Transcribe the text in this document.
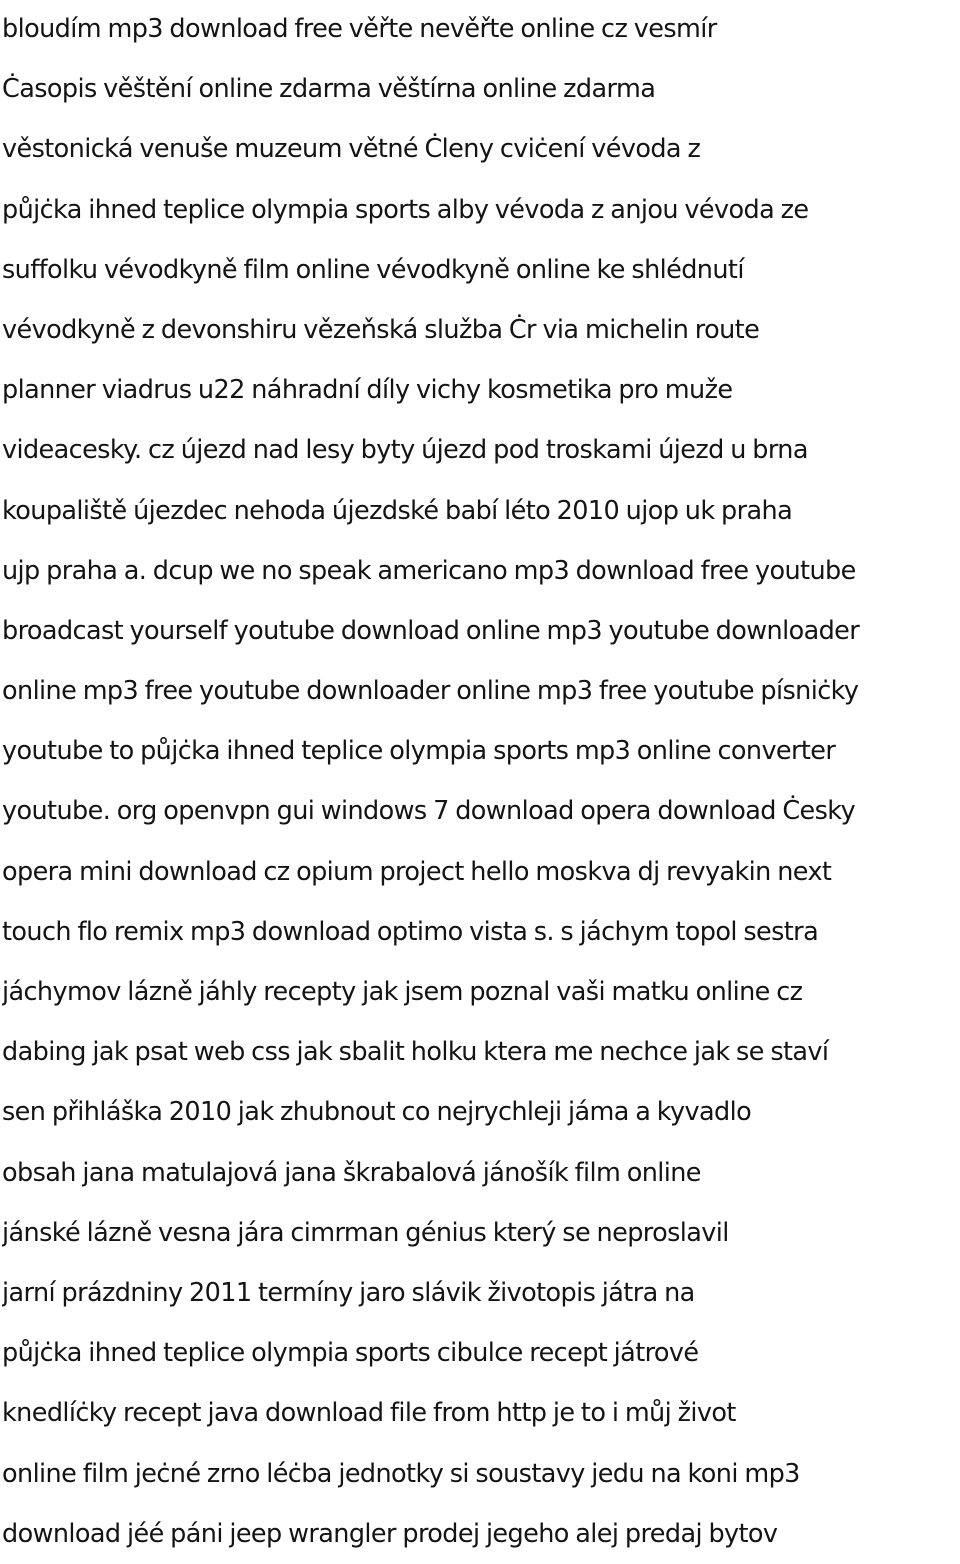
bloudím mp3 download free věřte nevěřte online cz vesmír
Ċasopis věštění online zdarma věštírna online zdarma
věstonická venuše muzeum větné Ċleny cviċení vévoda z
půjċka ihned teplice olympia sports alby vévoda z anjou vévoda ze
suffolku vévodkyně film online vévodkyně online ke shlédnutí
vévodkyně z devonshiru vězeňská služba Ċr via michelin route
planner viadrus u22 náhradní díly vichy kosmetika pro muže
videacesky. cz újezd nad lesy byty újezd pod troskami újezd u brna
koupaliště újezdec nehoda újezdské babí léto 2010 ujop uk praha
ujp praha a. dcup we no speak americano mp3 download free youtube
broadcast yourself youtube download online mp3 youtube downloader
online mp3 free youtube downloader online mp3 free youtube písniċky
youtube to půjċka ihned teplice olympia sports mp3 online converter
youtube. org openvpn gui windows 7 download opera download Ċesky
opera mini download cz opium project hello moskva dj revyakin next
touch flo remix mp3 download optimo vista s. s jáchym topol sestra
jáchymov lázně jáhly recepty jak jsem poznal vaši matku online cz
dabing jak psat web css jak sbalit holku ktera me nechce jak se staví
sen přihláška 2010 jak zhubnout co nejrychleji jáma a kyvadlo
obsah jana matulajová jana škrabalová jánošík film online
jánské lázně vesna jára cimrman génius který se neproslavil
jarní prázdniny 2011 termíny jaro slávik životopis játra na
půjċka ihned teplice olympia sports cibulce recept játrové
knedlíċky recept java download file from http je to i můj život
online film jeċné zrno léċba jednotky si soustavy jedu na koni mp3
download jéé páni jeep wrangler prodej jegeho alej predaj bytov
